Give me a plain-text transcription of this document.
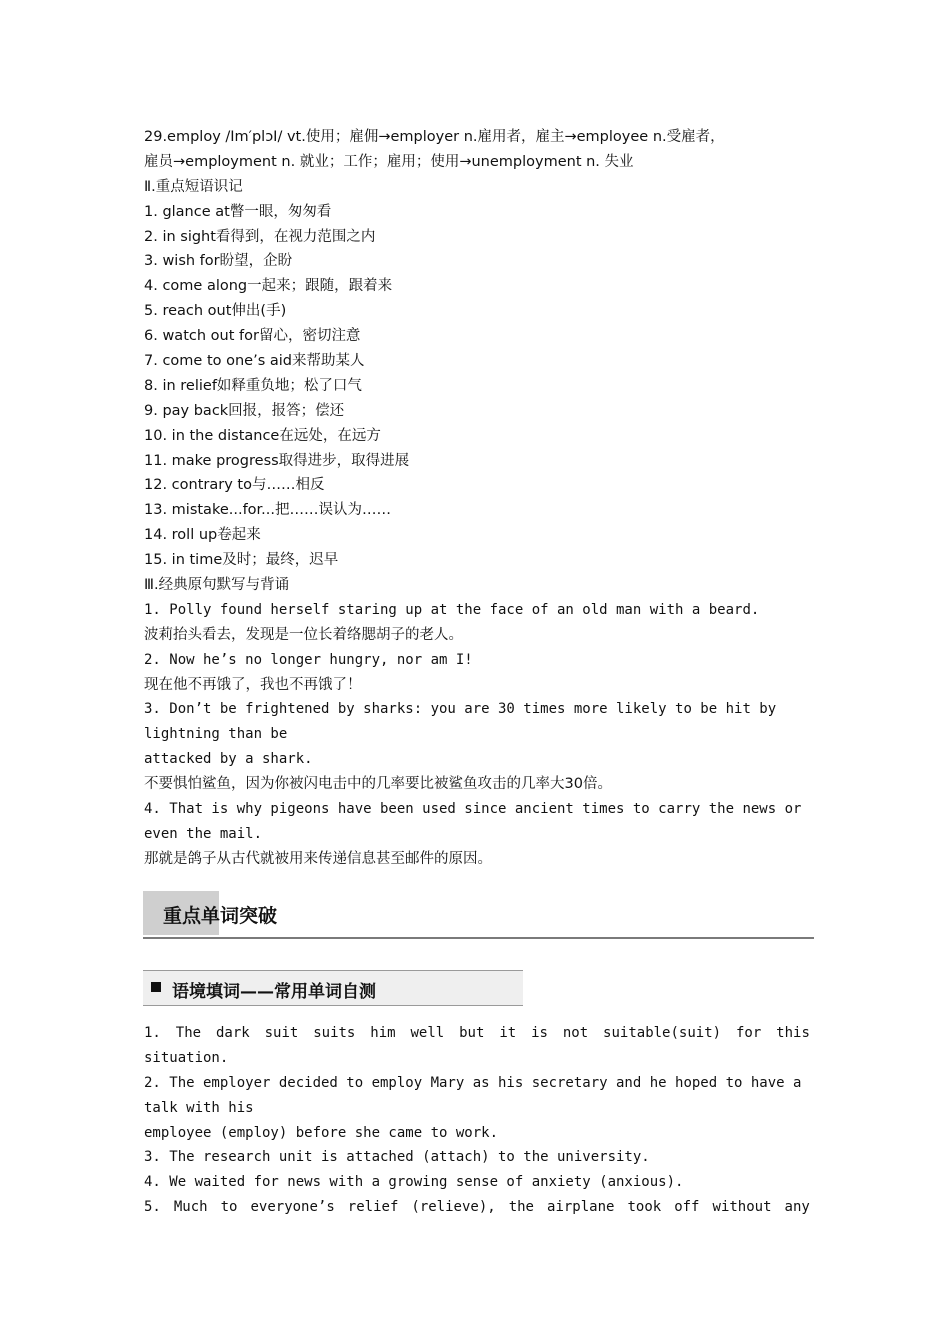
29.employ /Im′plɔI/ vt.使用；雇佣→employer n.雇用者，雇主→employee n.受雇者，
雇员→employment n. 就业；工作；雇用；使用→unemployment n. 失业
Ⅱ.重点短语识记
1. glance at瞥一眼，匆匆看
2. in sight看得到，在视力范围之内
3. wish for盼望，企盼
4. come along一起来；跟随，跟着来
5. reach out伸出(手)
6. watch out for留心，密切注意
7. come to one’s aid来帮助某人
8. in relief如释重负地；松了口气
9. pay back回报，报答；偿还
10. in the distance在远处，在远方
11. make progress取得进步，取得进展
12. contrary to与……相反
13. mistake...for...把……误认为……
14. roll up卷起来
15. in time及时；最终，迟早
Ⅲ.经典原句默写与背诵
1. Polly found herself staring up at the face of an old man with a beard.
波莉抬头看去，发现是一位长着络腮胡子的老人。
2. Now he’s no longer hungry, nor am I!
现在他不再饿了，我也不再饿了！
3. Don’t be frightened by sharks: you are 30 times more likely to be hit by
lightning than be
attacked by a shark.
不要惧怕鲨鱼，因为你被闪电击中的几率要比被鲨鱼攻击的几率大30倍。
4. That is why pigeons have been used since ancient times to carry the news or
even the mail.
那就是鸽子从古代就被用来传递信息甚至邮件的原因。
重点单词突破
语境填词——常用单词自测
1. The dark suit suits him well but it is not suitable(suit) for this
situation.
2. The employer decided to employ Mary as his secretary and he hoped to have a
talk with his
employee (employ) before she came to work.
3. The research unit is attached (attach) to the university.
4. We waited for news with a growing sense of anxiety (anxious).
5. Much to everyone’s relief (relieve), the airplane took off without any
